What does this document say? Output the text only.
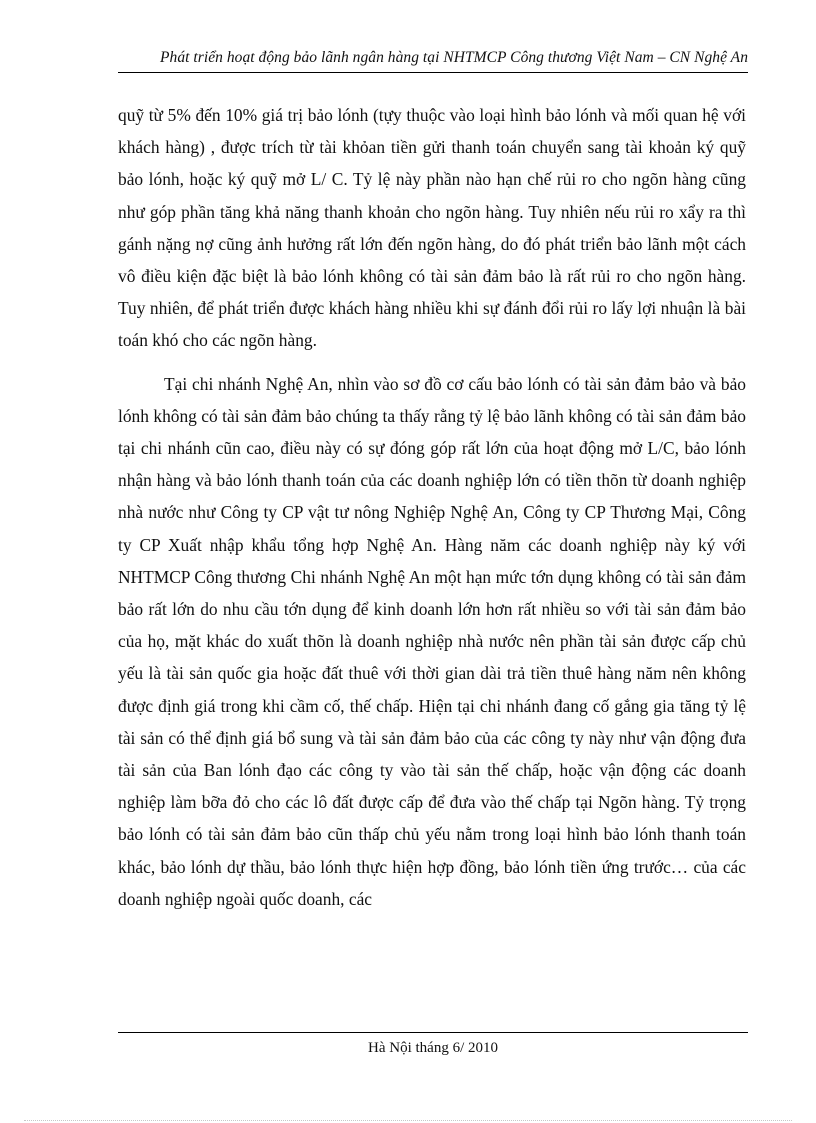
Phát triển hoạt động bảo lãnh ngân hàng tại NHTMCP Công thương Việt Nam – CN Nghệ An

quỹ từ 5% đến 10% giá trị bảo lónh (tựy thuộc vào loại hình bảo lónh và mối quan hệ với khách hàng) , được trích từ tài khỏan tiền gửi thanh toán chuyển sang tài khoản ký quỹ bảo lónh, hoặc ký quỹ mở L/ C. Tỷ lệ này phần nào hạn chế rủi ro cho ngõn hàng cũng như góp phần tăng khả năng thanh khoản cho ngõn hàng. Tuy nhiên nếu rủi ro xẩy ra thì gánh nặng nợ cũng ảnh hưởng rất lớn đến ngõn hàng, do đó phát triển bảo lãnh một cách vô điều kiện đặc biệt là bảo lónh không có tài sản đảm bảo là rất rủi ro cho ngõn hàng. Tuy nhiên, để phát triển được khách hàng nhiều khi sự đánh đổi rủi ro lấy lợi nhuận là bài toán khó cho các ngõn hàng.

Tại chi nhánh Nghệ An, nhìn vào sơ đồ cơ cấu bảo lónh có tài sản đảm bảo và bảo lónh không có tài sản đảm bảo chúng ta thấy rằng tỷ lệ bảo lãnh không có tài sản đảm bảo tại chi nhánh cũn cao, điều này có sự đóng góp rất lớn của hoạt động mở L/C, bảo lónh nhận hàng và bảo lónh thanh toán của các doanh nghiệp lớn có tiền thõn từ doanh nghiệp nhà nước như Công ty CP vật tư nông Nghiệp Nghệ An, Công ty CP Thương Mại, Công ty CP Xuất nhập khẩu tổng hợp Nghệ An. Hàng năm các doanh nghiệp này ký với NHTMCP Công thương Chi nhánh Nghệ An một hạn mức tớn dụng không có tài sản đảm bảo rất lớn do nhu cầu tớn dụng để kinh doanh lớn hơn rất nhiều so với tài sản đảm bảo của họ, mặt khác do xuất thõn là doanh nghiệp nhà nước nên phần tài sản được cấp chủ yếu là tài sản quốc gia hoặc đất thuê với thời gian dài trả tiền thuê hàng năm nên không được định giá trong khi cầm cố, thế chấp. Hiện tại chi nhánh đang cố gắng gia tăng tỷ lệ tài sản có thể định giá bổ sung và tài sản đảm bảo của các công ty này như vận động đưa tài sản của Ban lónh đạo các công ty vào tài sản thế chấp, hoặc vận động các doanh nghiệp làm bỡa đỏ cho các lô đất được cấp để đưa vào thế chấp tại Ngõn hàng. Tỷ trọng bảo lónh có tài sản đảm bảo cũn thấp chủ yếu nằm trong loại hình bảo lónh thanh toán khác, bảo lónh dự thầu, bảo lónh thực hiện hợp đồng, bảo lónh tiền ứng trước… của các doanh nghiệp ngoài quốc doanh, các

Hà Nội tháng 6/ 2010
